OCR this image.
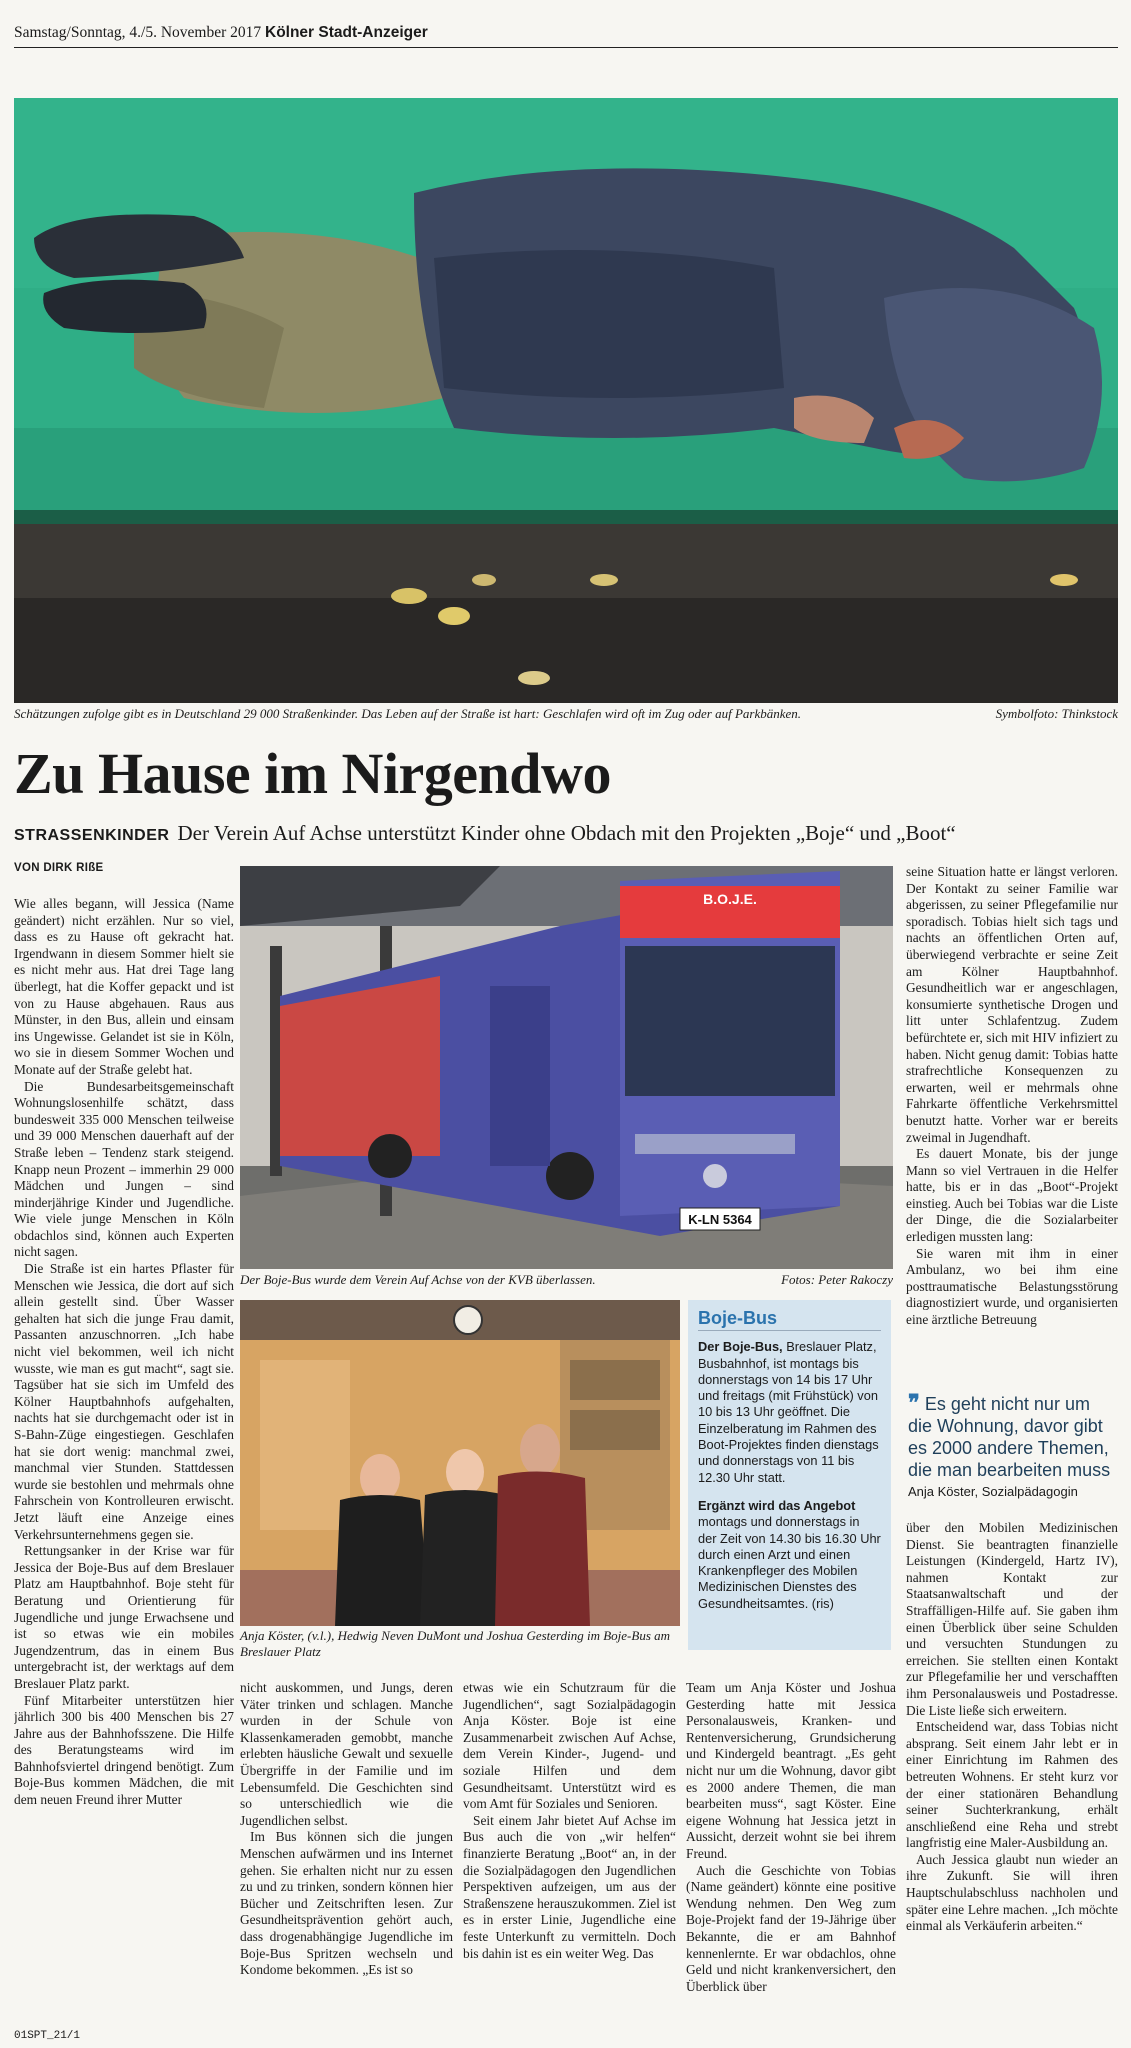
Samstag/Sonntag, 4./5. November 2017 Kölner Stadt-Anzeiger
Schätzungen zufolge gibt es in Deutschland 29 000 Straßenkinder. Das Leben auf der Straße ist hart: Geschlafen wird oft im Zug oder auf Parkbänken.	Symbolfoto: Thinkstock
Zu Hause im Nirgendwo
STRASSENKINDER Der Verein Auf Achse unterstützt Kinder ohne Obdach mit den Projekten „Boje“ und „Boot“
VON DIRK RIßE

Wie alles begann, will Jessica (Name geändert) nicht erzählen. Nur so viel, dass es zu Hause oft gekracht hat. Irgendwann in diesem Sommer hielt sie es nicht mehr aus. Hat drei Tage lang überlegt, hat die Koffer gepackt und ist von zu Hause abgehauen. Raus aus Münster, in den Bus, allein und einsam ins Ungewisse. Gelandet ist sie in Köln, wo sie in diesem Sommer Wochen und Monate auf der Straße gelebt hat.

Die Bundesarbeitsgemeinschaft Wohnungslosenhilfe schätzt, dass bundesweit 335 000 Menschen teilweise und 39 000 Menschen dauerhaft auf der Straße leben – Tendenz stark steigend. Knapp neun Prozent – immerhin 29 000 Mädchen und Jungen – sind minderjährige Kinder und Jugendliche. Wie viele junge Menschen in Köln obdachlos sind, können auch Experten nicht sagen.

Die Straße ist ein hartes Pflaster für Menschen wie Jessica, die dort auf sich allein gestellt sind. Über Wasser gehalten hat sich die junge Frau damit, Passanten anzuschnorren. „Ich habe nicht viel bekommen, weil ich nicht wusste, wie man es gut macht“, sagt sie. Tagsüber hat sie sich im Umfeld des Kölner Hauptbahnhofs aufgehalten, nachts hat sie durchgemacht oder ist in S-Bahn-Züge eingestiegen. Geschlafen hat sie dort wenig: manchmal zwei, manchmal vier Stunden. Stattdessen wurde sie bestohlen und mehrmals ohne Fahrschein von Kontrolleuren erwischt. Jetzt läuft eine Anzeige eines Verkehrsunternehmens gegen sie.

Rettungsanker in der Krise war für Jessica der Boje-Bus auf dem Breslauer Platz am Hauptbahnhof. Boje steht für Beratung und Orientierung für Jugendliche und junge Erwachsene und ist so etwas wie ein mobiles Jugendzentrum, das in einem Bus untergebracht ist, der werktags auf dem Breslauer Platz parkt.

Fünf Mitarbeiter unterstützen hier jährlich 300 bis 400 Menschen bis 27 Jahre aus der Bahnhofsszene. Die Hilfe des Beratungsteams wird im Bahnhofsviertel dringend benötigt. Zum Boje-Bus kommen Mädchen, die mit dem neuen Freund ihrer Mutter

B.O.J.E.
K-LN 5364
Der Boje-Bus wurde dem Verein Auf Achse von der KVB überlassen.	Fotos: Peter Rakoczy
Anja Köster, (v.l.), Hedwig Neven DuMont und Joshua Gesterding im Boje-Bus am Breslauer Platz
Boje-Bus

Der Boje-Bus, Breslauer Platz, Busbahnhof, ist montags bis donnerstags von 14 bis 17 Uhr und freitags (mit Frühstück) von 10 bis 13 Uhr geöffnet. Die Einzelberatung im Rahmen des Boot-Projektes finden dienstags und donnerstags von 11 bis 12.30 Uhr statt.

Ergänzt wird das Angebot montags und donnerstags in der Zeit von 14.30 bis 16.30 Uhr durch einen Arzt und einen Krankenpfleger des Mobilen Medizinischen Dienstes des Gesundheitsamtes. (ris)

nicht auskommen, und Jungs, deren Väter trinken und schlagen. Manche wurden in der Schule von Klassenkameraden gemobbt, manche erlebten häusliche Gewalt und sexuelle Übergriffe in der Familie und im Lebensumfeld. Die Geschichten sind so unterschiedlich wie die Jugendlichen selbst.

Im Bus können sich die jungen Menschen aufwärmen und ins Internet gehen. Sie erhalten nicht nur zu essen zu und zu trinken, sondern können hier Bücher und Zeitschriften lesen. Zur Gesundheitsprävention gehört auch, dass drogenabhängige Jugendliche im Boje-Bus Spritzen wechseln und Kondome bekommen. „Es ist so

etwas wie ein Schutzraum für die Jugendlichen“, sagt Sozialpädagogin Anja Köster. Boje ist eine Zusammenarbeit zwischen Auf Achse, dem Verein Kinder-, Jugend- und soziale Hilfen und dem Gesundheitsamt. Unterstützt wird es vom Amt für Soziales und Senioren.

Seit einem Jahr bietet Auf Achse im Bus auch die von „wir helfen“ finanzierte Beratung „Boot“ an, in der die Sozialpädagogen den Jugendlichen Perspektiven aufzeigen, um aus der Straßenszene herauszukommen. Ziel ist es in erster Linie, Jugendliche eine feste Unterkunft zu vermitteln. Doch bis dahin ist es ein weiter Weg. Das

Team um Anja Köster und Joshua Gesterding hatte mit Jessica Personalausweis, Kranken- und Rentenversicherung, Grundsicherung und Kindergeld beantragt. „Es geht nicht nur um die Wohnung, davor gibt es 2000 andere Themen, die man bearbeiten muss“, sagt Köster. Eine eigene Wohnung hat Jessica jetzt in Aussicht, derzeit wohnt sie bei ihrem Freund.

Auch die Geschichte von Tobias (Name geändert) könnte eine positive Wendung nehmen. Den Weg zum Boje-Projekt fand der 19-Jährige über Bekannte, die er am Bahnhof kennenlernte. Er war obdachlos, ohne Geld und nicht krankenversichert, den Überblick über

seine Situation hatte er längst verloren. Der Kontakt zu seiner Familie war abgerissen, zu seiner Pflegefamilie nur sporadisch. Tobias hielt sich tags und nachts an öffentlichen Orten auf, überwiegend verbrachte er seine Zeit am Kölner Hauptbahnhof. Gesundheitlich war er angeschlagen, konsumierte synthetische Drogen und litt unter Schlafentzug. Zudem befürchtete er, sich mit HIV infiziert zu haben. Nicht genug damit: Tobias hatte strafrechtliche Konsequenzen zu erwarten, weil er mehrmals ohne Fahrkarte öffentliche Verkehrsmittel benutzt hatte. Vorher war er bereits zweimal in Jugendhaft.

Es dauert Monate, bis der junge Mann so viel Vertrauen in die Helfer hatte, bis er in das „Boot“-Projekt einstieg. Auch bei Tobias war die Liste der Dinge, die die Sozialarbeiter erledigen mussten lang:

Sie waren mit ihm in einer Ambulanz, wo bei ihm eine posttraumatische Belastungsstörung diagnostiziert wurde, und organisierten eine ärztliche Betreuung

❞ Es geht nicht nur um die Wohnung, davor gibt es 2000 andere Themen, die man bearbeiten muss
Anja Köster, Sozialpädagogin

über den Mobilen Medizinischen Dienst. Sie beantragten finanzielle Leistungen (Kindergeld, Hartz IV), nahmen Kontakt zur Staatsanwaltschaft und der Straffälligen-Hilfe auf. Sie gaben ihm einen Überblick über seine Schulden und versuchten Stundungen zu erreichen. Sie stellten einen Kontakt zur Pflegefamilie her und verschafften ihm Personalausweis und Postadresse. Die Liste ließe sich erweitern.

Entscheidend war, dass Tobias nicht absprang. Seit einem Jahr lebt er in einer Einrichtung im Rahmen des betreuten Wohnens. Er steht kurz vor der einer stationären Behandlung seiner Suchterkrankung, erhält anschließend eine Reha und strebt langfristig eine Maler-Ausbildung an.

Auch Jessica glaubt nun wieder an ihre Zukunft. Sie will ihren Hauptschulabschluss nachholen und später eine Lehre machen. „Ich möchte einmal als Verkäuferin arbeiten.“

01SPT_21/1
